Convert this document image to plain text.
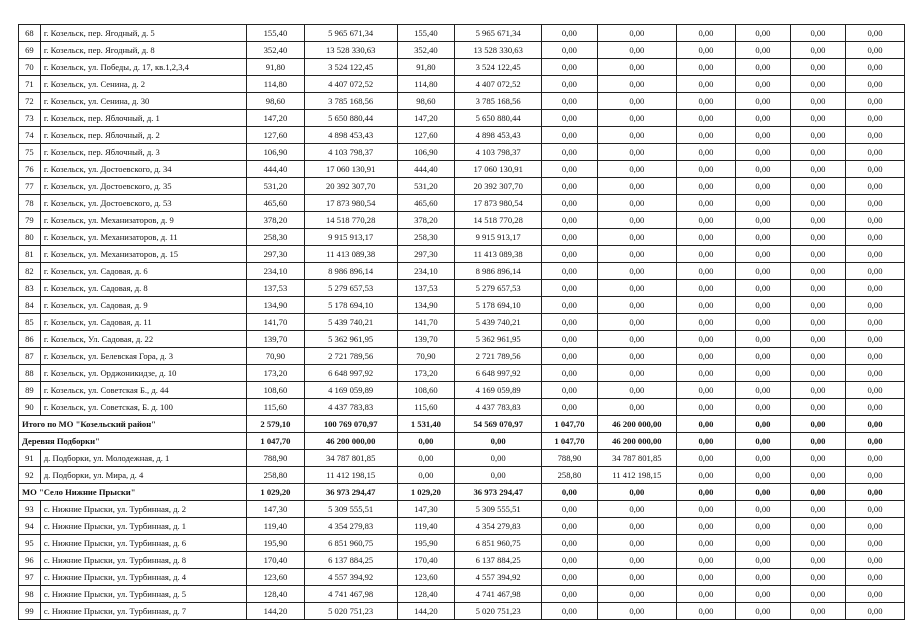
68	г. Козельск, пер. Ягодный, д. 5	155,40	5 965 671,34	155,40	5 965 671,34	0,00	0,00	0,00	0,00	0,00	0,00
69	г. Козельск, пер. Ягодный, д. 8	352,40	13 528 330,63	352,40	13 528 330,63	0,00	0,00	0,00	0,00	0,00	0,00
70	г. Козельск, ул. Победы, д. 17, кв.1,2,3,4	91,80	3 524 122,45	91,80	3 524 122,45	0,00	0,00	0,00	0,00	0,00	0,00
71	г. Козельск, ул. Сенина, д. 2	114,80	4 407 072,52	114,80	4 407 072,52	0,00	0,00	0,00	0,00	0,00	0,00
72	г. Козельск, ул. Сенина, д. 30	98,60	3 785 168,56	98,60	3 785 168,56	0,00	0,00	0,00	0,00	0,00	0,00
73	г. Козельск, пер. Яблочный, д. 1	147,20	5 650 880,44	147,20	5 650 880,44	0,00	0,00	0,00	0,00	0,00	0,00
74	г. Козельск, пер. Яблочный, д. 2	127,60	4 898 453,43	127,60	4 898 453,43	0,00	0,00	0,00	0,00	0,00	0,00
75	г. Козельск, пер. Яблочный, д. 3	106,90	4 103 798,37	106,90	4 103 798,37	0,00	0,00	0,00	0,00	0,00	0,00
76	г. Козельск, ул. Достоевского, д. 34	444,40	17 060 130,91	444,40	17 060 130,91	0,00	0,00	0,00	0,00	0,00	0,00
77	г. Козельск, ул. Достоевского, д. 35	531,20	20 392 307,70	531,20	20 392 307,70	0,00	0,00	0,00	0,00	0,00	0,00
78	г. Козельск, ул. Достоевского, д. 53	465,60	17 873 980,54	465,60	17 873 980,54	0,00	0,00	0,00	0,00	0,00	0,00
79	г. Козельск, ул. Механизаторов, д. 9	378,20	14 518 770,28	378,20	14 518 770,28	0,00	0,00	0,00	0,00	0,00	0,00
80	г. Козельск, ул. Механизаторов, д. 11	258,30	9 915 913,17	258,30	9 915 913,17	0,00	0,00	0,00	0,00	0,00	0,00
81	г. Козельск, ул. Механизаторов, д. 15	297,30	11 413 089,38	297,30	11 413 089,38	0,00	0,00	0,00	0,00	0,00	0,00
82	г. Козельск, ул. Садовая, д. 6	234,10	8 986 896,14	234,10	8 986 896,14	0,00	0,00	0,00	0,00	0,00	0,00
83	г. Козельск, ул. Садовая, д. 8	137,53	5 279 657,53	137,53	5 279 657,53	0,00	0,00	0,00	0,00	0,00	0,00
84	г. Козельск, ул. Садовая, д. 9	134,90	5 178 694,10	134,90	5 178 694,10	0,00	0,00	0,00	0,00	0,00	0,00
85	г. Козельск, ул. Садовая, д. 11	141,70	5 439 740,21	141,70	5 439 740,21	0,00	0,00	0,00	0,00	0,00	0,00
86	г. Козельск, Ул. Садовая, д. 22	139,70	5 362 961,95	139,70	5 362 961,95	0,00	0,00	0,00	0,00	0,00	0,00
87	г. Козельск, ул. Белевская Гора, д. 3	70,90	2 721 789,56	70,90	2 721 789,56	0,00	0,00	0,00	0,00	0,00	0,00
88	г. Козельск, ул. Орджоникидзе, д. 10	173,20	6 648 997,92	173,20	6 648 997,92	0,00	0,00	0,00	0,00	0,00	0,00
89	г. Козельск, ул. Советская Б., д. 44	108,60	4 169 059,89	108,60	4 169 059,89	0,00	0,00	0,00	0,00	0,00	0,00
90	г. Козельск, ул. Советская, Б. д. 100	115,60	4 437 783,83	115,60	4 437 783,83	0,00	0,00	0,00	0,00	0,00	0,00
Итого по МО "Козельский район"		2 579,10	100 769 070,97	1 531,40	54 569 070,97	1 047,70	46 200 000,00	0,00	0,00	0,00	0,00
Деревня Подборки"		1 047,70	46 200 000,00	0,00	0,00	1 047,70	46 200 000,00	0,00	0,00	0,00	0,00
91	д. Подборки, ул. Молодежная, д. 1	788,90	34 787 801,85	0,00	0,00	788,90	34 787 801,85	0,00	0,00	0,00	0,00
92	д. Подборки, ул. Мира, д. 4	258,80	11 412 198,15	0,00	0,00	258,80	11 412 198,15	0,00	0,00	0,00	0,00
МО "Село Нижние Прыски"		1 029,20	36 973 294,47	1 029,20	36 973 294,47	0,00	0,00	0,00	0,00	0,00	0,00
93	с. Нижние Прыски, ул. Турбинная, д. 2	147,30	5 309 555,51	147,30	5 309 555,51	0,00	0,00	0,00	0,00	0,00	0,00
94	с. Нижние Прыски, ул. Турбинная, д. 1	119,40	4 354 279,83	119,40	4 354 279,83	0,00	0,00	0,00	0,00	0,00	0,00
95	с. Нижние Прыски, ул. Турбинная, д. 6	195,90	6 851 960,75	195,90	6 851 960,75	0,00	0,00	0,00	0,00	0,00	0,00
96	с. Нижние Прыски, ул. Турбинная, д. 8	170,40	6 137 884,25	170,40	6 137 884,25	0,00	0,00	0,00	0,00	0,00	0,00
97	с. Нижние Прыски, ул. Турбинная, д. 4	123,60	4 557 394,92	123,60	4 557 394,92	0,00	0,00	0,00	0,00	0,00	0,00
98	с. Нижние Прыски, ул. Турбинная, д. 5	128,40	4 741 467,98	128,40	4 741 467,98	0,00	0,00	0,00	0,00	0,00	0,00
99	с. Нижние Прыски, ул. Турбинная, д. 7	144,20	5 020 751,23	144,20	5 020 751,23	0,00	0,00	0,00	0,00	0,00	0,00
